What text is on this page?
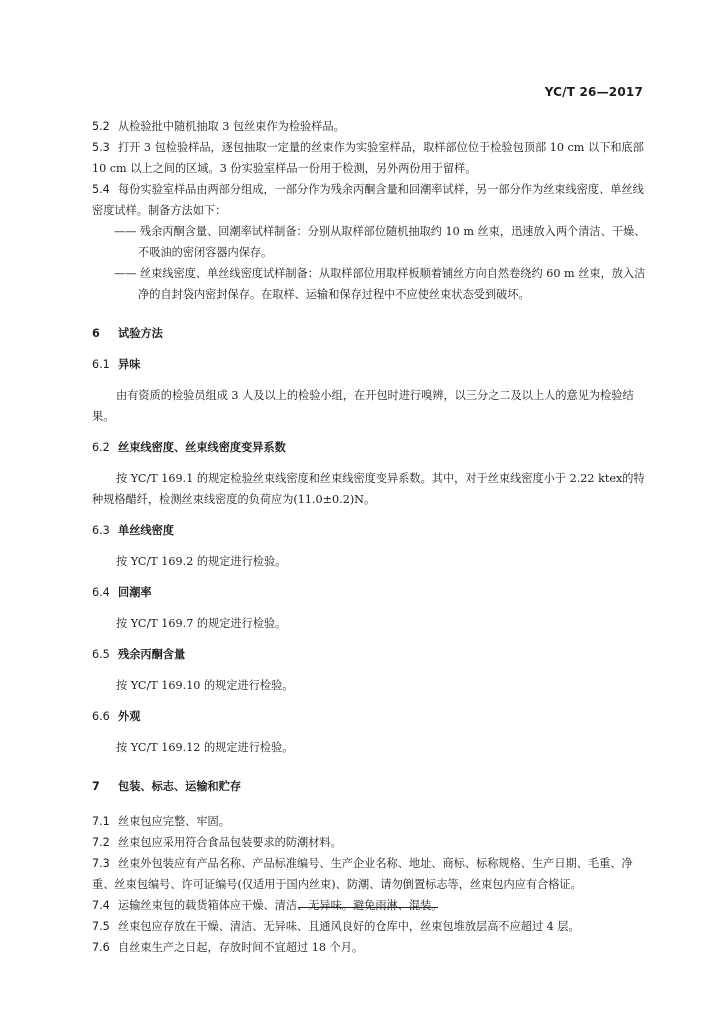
YC/T 26—2017

5.2 从检验批中随机抽取 3 包丝束作为检验样品。

5.3 打开 3 包检验样品，逐包抽取一定量的丝束作为实验室样品，取样部位位于检验包顶部 10 cm 以下和底部 10 cm 以上之间的区域。3 份实验室样品一份用于检测，另外两份用于留样。

5.4 每份实验室样品由两部分组成，一部分作为残余丙酮含量和回潮率试样，另一部分作为丝束线密度、单丝线密度试样。制备方法如下：

—— 残余丙酮含量、回潮率试样制备：分别从取样部位随机抽取约 10 m 丝束，迅速放入两个清洁、干燥、不吸油的密闭容器内保存。

—— 丝束线密度、单丝线密度试样制备：从取样部位用取样板顺着铺丝方向自然卷绕约 60 m 丝束，放入洁净的自封袋内密封保存。在取样、运输和保存过程中不应使丝束状态受到破坏。

6 试验方法

6.1 异味

由有资质的检验员组成 3 人及以上的检验小组，在开包时进行嗅辨，以三分之二及以上人的意见为检验结果。

6.2 丝束线密度、丝束线密度变异系数

按 YC/T 169.1 的规定检验丝束线密度和丝束线密度变异系数。其中，对于丝束线密度小于 2.22 ktex的特种规格醋纤，检测丝束线密度的负荷应为(11.0±0.2)N。

6.3 单丝线密度

按 YC/T 169.2 的规定进行检验。

6.4 回潮率

按 YC/T 169.7 的规定进行检验。

6.5 残余丙酮含量

按 YC/T 169.10 的规定进行检验。

6.6 外观

按 YC/T 169.12 的规定进行检验。

7 包装、标志、运输和贮存

7.1 丝束包应完整、牢固。

7.2 丝束包应采用符合食品包装要求的防潮材料。

7.3 丝束外包装应有产品名称、产品标准编号、生产企业名称、地址、商标、标称规格、生产日期、毛重、净重、丝束包编号、许可证编号(仅适用于国内丝束)、防潮、请勿倒置标志等，丝束包内应有合格证。

7.4 运输丝束包的载货箱体应干燥、清洁、无异味。避免雨淋、混装。

7.5 丝束包应存放在干燥、清洁、无异味、且通风良好的仓库中，丝束包堆放层高不应超过 4 层。

7.6 自丝束生产之日起，存放时间不宜超过 18 个月。
